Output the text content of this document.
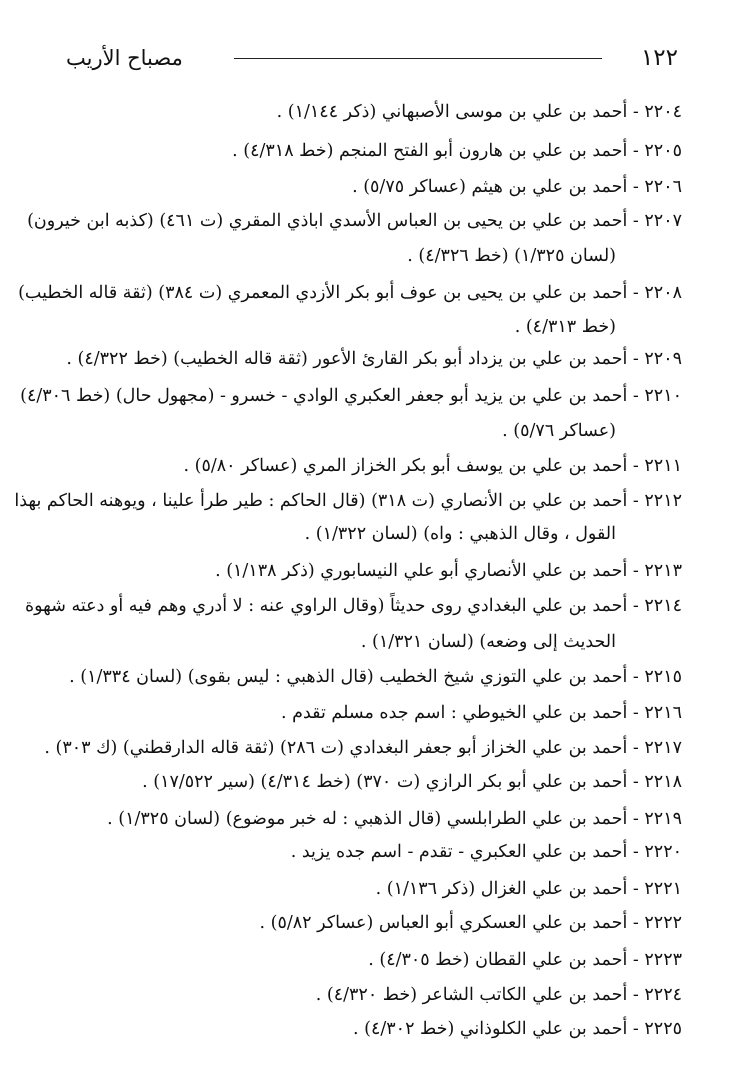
١٢٢
مصباح الأريب
٢٢٠٤ - أحمد بن علي بن موسى الأصبهاني (ذكر ١/١٤٤) .
٢٢٠٥ - أحمد بن علي بن هارون أبو الفتح المنجم (خط ٤/٣١٨) .
٢٢٠٦ - أحمد بن علي بن هيثم (عساكر ٥/٧٥) .
٢٢٠٧ - أحمد بن علي بن يحيى بن العباس الأسدي اباذي المقري (ت ٤٦١) (كذبه ابن خيرون)
(لسان ١/٣٢٥) (خط ٤/٣٢٦) .
٢٢٠٨ - أحمد بن علي بن يحيى بن عوف أبو بكر الأزدي المعمري (ت ٣٨٤) (ثقة قاله الخطيب)
(خط ٤/٣١٣) .
٢٢٠٩ - أحمد بن علي بن يزداد أبو بكر القارئ الأعور (ثقة قاله الخطيب) (خط ٤/٣٢٢) .
٢٢١٠ - أحمد بن علي بن يزيد أبو جعفر العكبري الوادي - خسرو - (مجهول حال) (خط ٤/٣٠٦)
(عساكر ٥/٧٦) .
٢٢١١ - أحمد بن علي بن يوسف أبو بكر الخزاز المري (عساكر ٥/٨٠) .
٢٢١٢ - أحمد بن علي بن الأنصاري (ت ٣١٨) (قال الحاكم : طير طرأ علينا ، ويوهنه الحاكم بهذا
القول ، وقال الذهبي : واه) (لسان ١/٣٢٢) .
٢٢١٣ - أحمد بن علي الأنصاري أبو علي النيسابوري (ذكر ١/١٣٨) .
٢٢١٤ - أحمد بن علي البغدادي روى حديثاً (وقال الراوي عنه : لا أدري وهم فيه أو دعته شهوة
الحديث إلى وضعه) (لسان ١/٣٢١) .
٢٢١٥ - أحمد بن علي التوزي شيخ الخطيب (قال الذهبي : ليس بقوى) (لسان ١/٣٣٤) .
٢٢١٦ - أحمد بن علي الخيوطي : اسم جده مسلم تقدم .
٢٢١٧ - أحمد بن علي الخزاز أبو جعفر البغدادي (ت ٢٨٦) (ثقة قاله الدارقطني) (ك ٣٠٣) .
٢٢١٨ - أحمد بن علي أبو بكر الرازي (ت ٣٧٠) (خط ٤/٣١٤) (سير ١٧/٥٢٢) .
٢٢١٩ - أحمد بن علي الطرابلسي (قال الذهبي : له خبر موضوع) (لسان ١/٣٢٥) .
٢٢٢٠ - أحمد بن علي العكبري - تقدم - اسم جده يزيد .
٢٢٢١ - أحمد بن علي الغزال (ذكر ١/١٣٦) .
٢٢٢٢ - أحمد بن علي العسكري أبو العباس (عساكر ٥/٨٢) .
٢٢٢٣ - أحمد بن علي القطان (خط ٤/٣٠٥) .
٢٢٢٤ - أحمد بن علي الكاتب الشاعر (خط ٤/٣٢٠) .
٢٢٢٥ - أحمد بن علي الكلوذاني (خط ٤/٣٠٢) .
